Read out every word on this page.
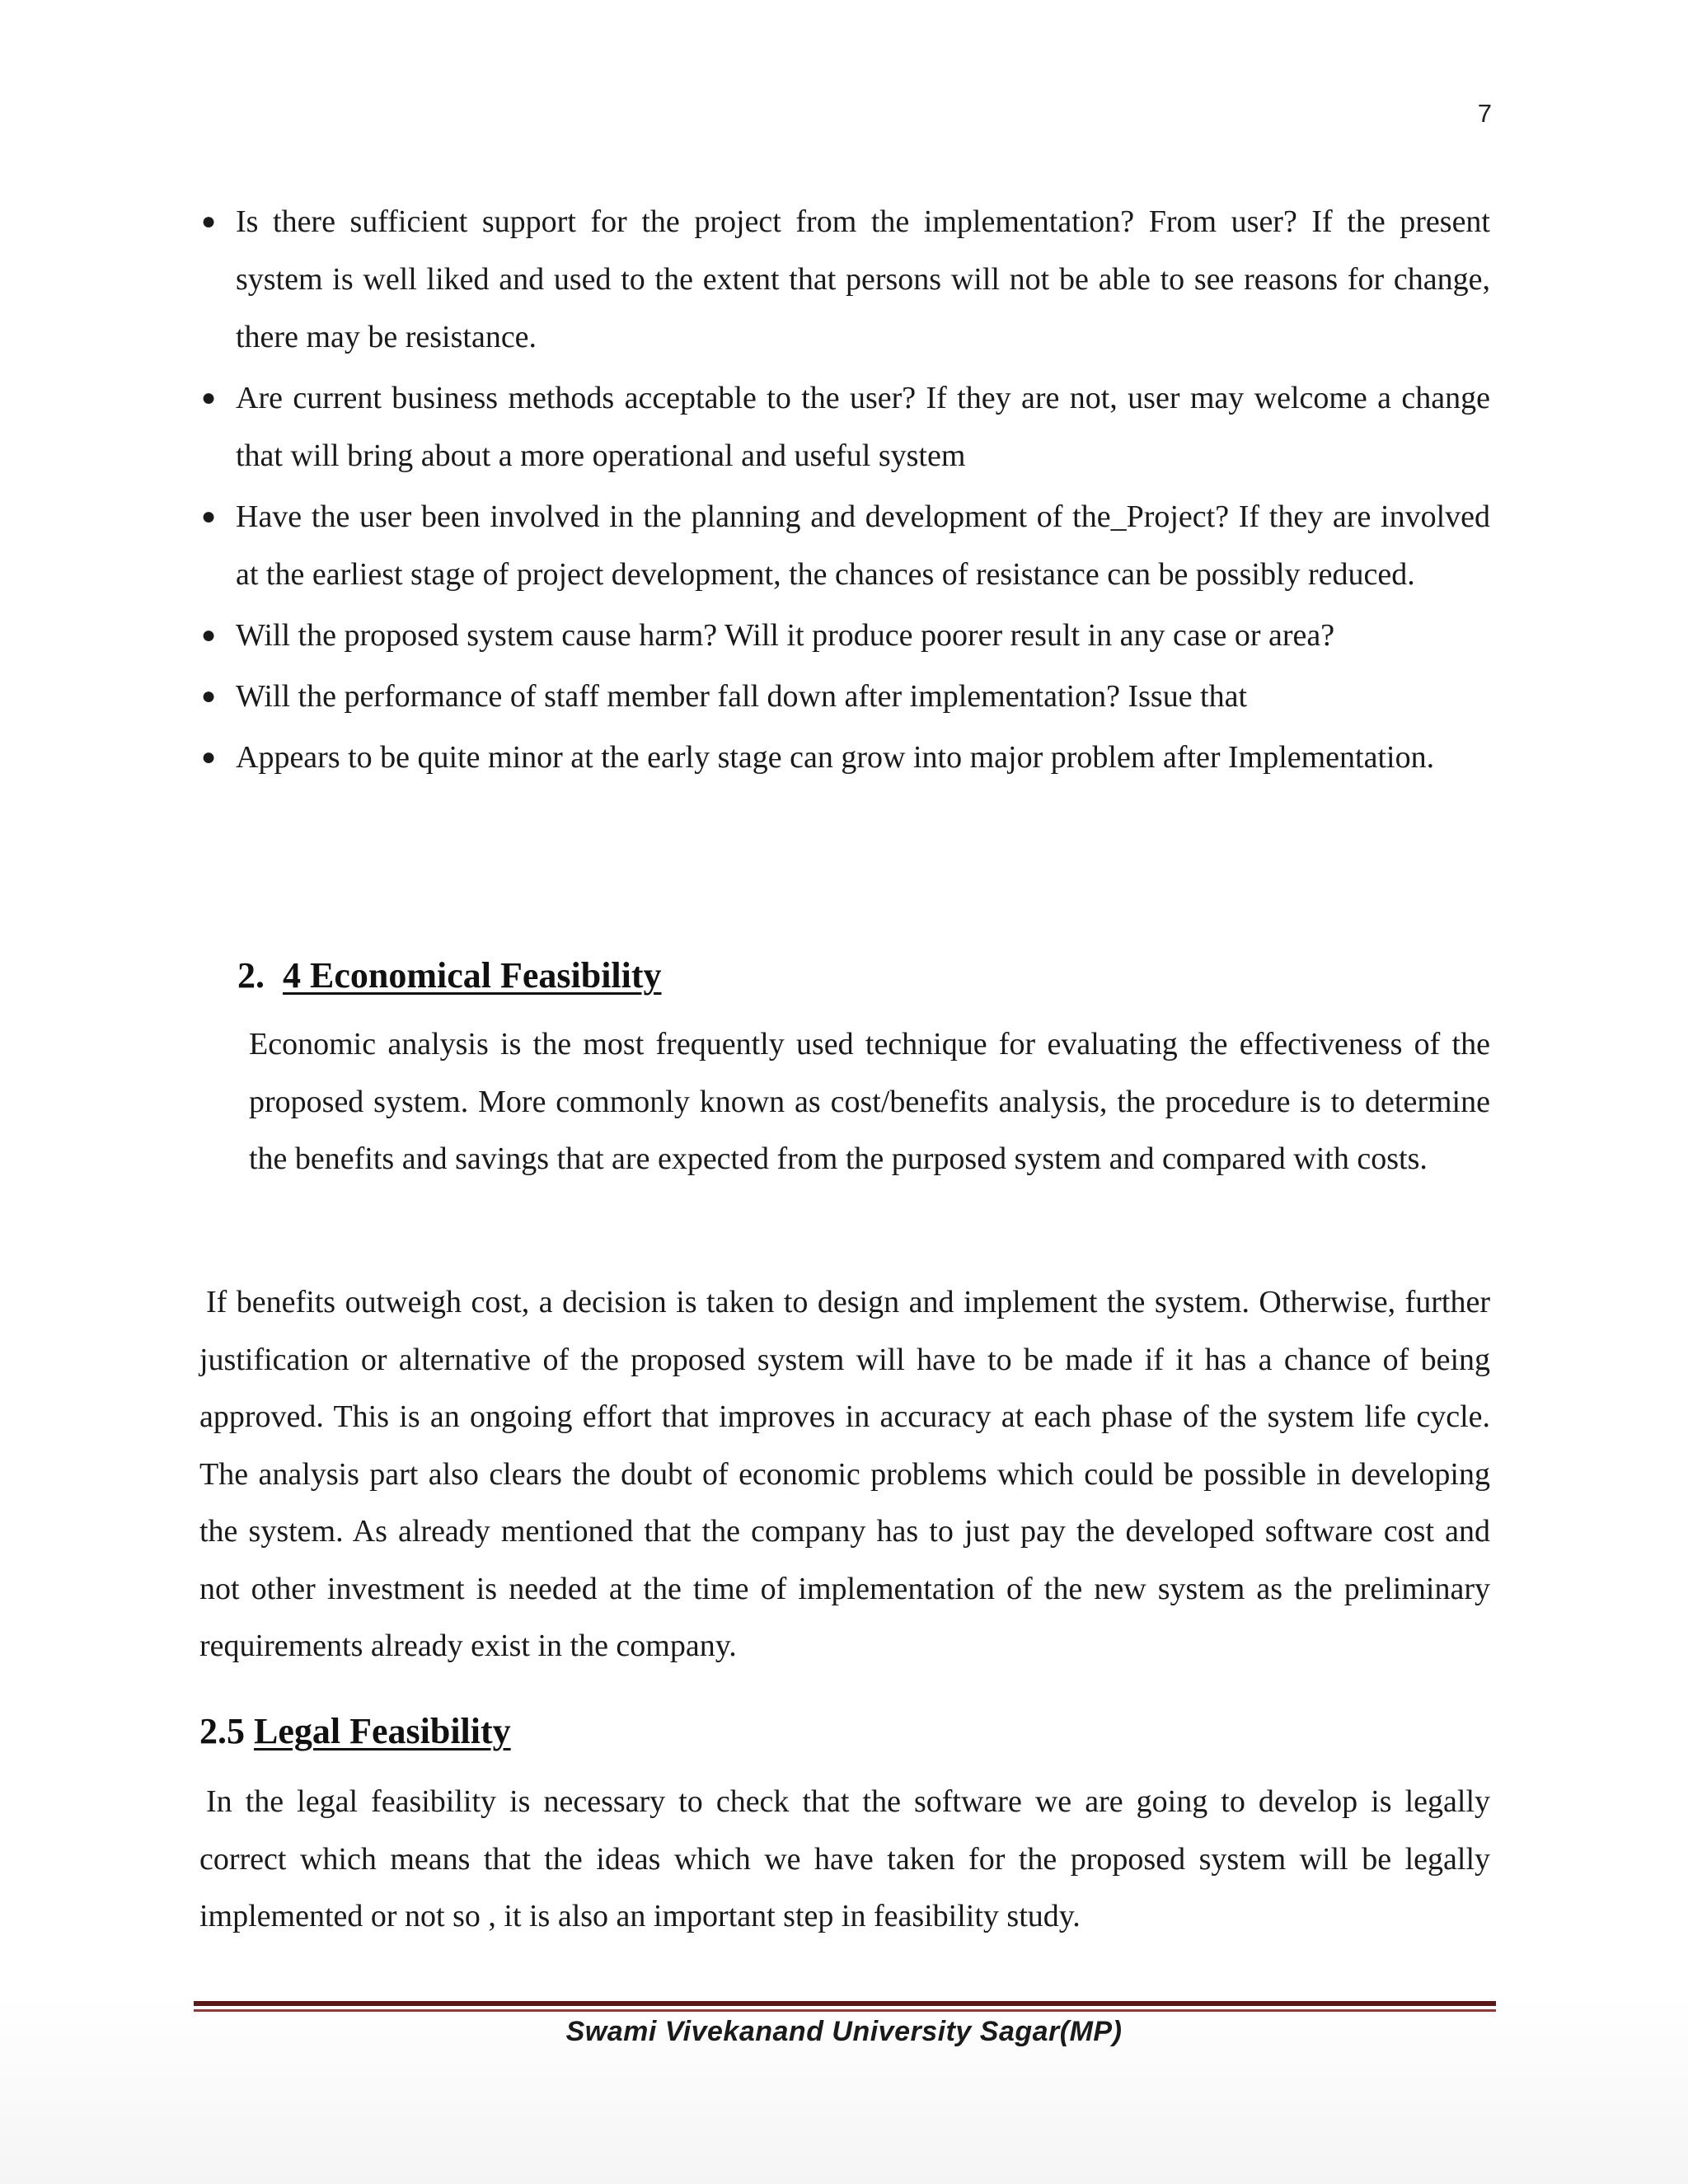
7
● Is there sufficient support for the project from the implementation? From user? If the present system is well liked and used to the extent that persons will not be able to see reasons for change, there may be resistance.
● Are current business methods acceptable to the user? If they are not, user may welcome a change that will bring about a more operational and useful system
● Have the user been involved in the planning and development of the_Project? If they are involved at the earliest stage of project development, the chances of resistance can be possibly reduced.
● Will the proposed system cause harm? Will it produce poorer result in any case or area?
● Will the performance of staff member fall down after implementation? Issue that
● Appears to be quite minor at the early stage can grow into major problem after Implementation.
2. 4 Economical Feasibility

Economic analysis is the most frequently used technique for evaluating the effectiveness of the proposed system. More commonly known as cost/benefits analysis, the procedure is to determine the benefits and savings that are expected from the purposed system and compared with costs.

If benefits outweigh cost, a decision is taken to design and implement the system. Otherwise, further justification or alternative of the proposed system will have to be made if it has a chance of being approved. This is an ongoing effort that improves in accuracy at each phase of the system life cycle. The analysis part also clears the doubt of economic problems which could be possible in developing the system. As already mentioned that the company has to just pay the developed software cost and not other investment is needed at the time of implementation of the new system as the preliminary requirements already exist in the company.

2.5 Legal Feasibility

In the legal feasibility is necessary to check that the software we are going to develop is legally correct which means that the ideas which we have taken for the proposed system will be legally implemented or not so , it is also an important step in feasibility study.

Swami Vivekanand University Sagar(MP)
